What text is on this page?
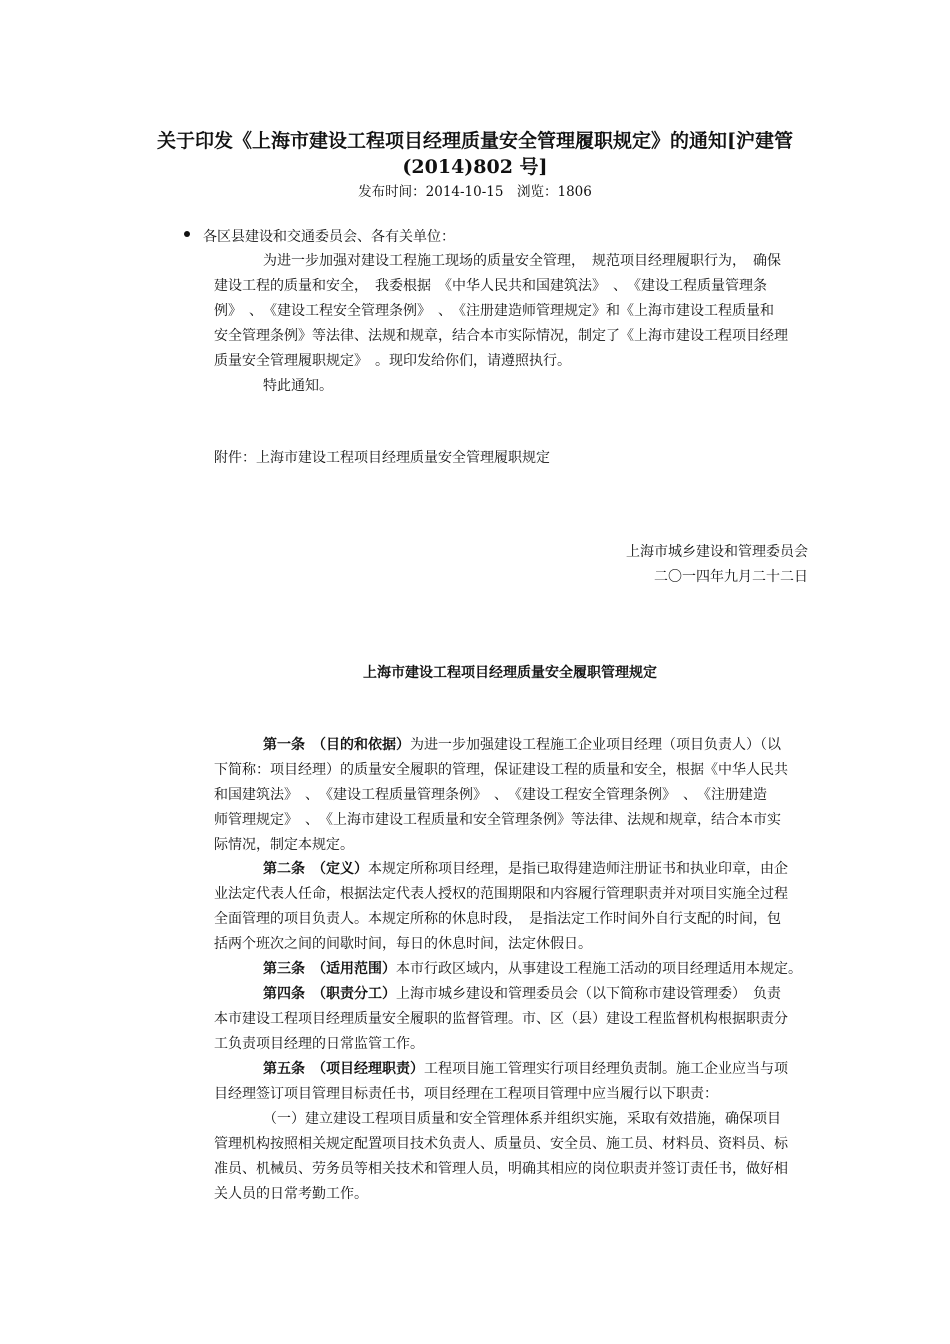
关于印发《上海市建设工程项目经理质量安全管理履职规定》的通知[沪建管
(2014)802 号]
发布时间：2014-10-15　浏览：1806
各区县建设和交通委员会、各有关单位：
为进一步加强对建设工程施工现场的质量安全管理，　规范项目经理履职行为，　确保
建设工程的质量和安全，　我委根据　《中华人民共和国建筑法》　、　《建设工程质量管理条
例》　、　《建设工程安全管理条例》　、　《注册建造师管理规定》和《上海市建设工程质量和
安全管理条例》等法律、法规和规章，结合本市实际情况，制定了《上海市建设工程项目经理
质量安全管理履职规定》　。现印发给你们，请遵照执行。
特此通知。
附件：上海市建设工程项目经理质量安全管理履职规定
上海市城乡建设和管理委员会
二〇一四年九月二十二日
上海市建设工程项目经理质量安全履职管理规定
第一条　（目的和依据）为进一步加强建设工程施工企业项目经理（项目负责人）（以
下简称：项目经理）的质量安全履职的管理，保证建设工程的质量和安全，根据《中华人民共
和国建筑法》　、　《建设工程质量管理条例》　、　《建设工程安全管理条例》　、　《注册建造
师管理规定》　、　《上海市建设工程质量和安全管理条例》等法律、法规和规章，结合本市实
际情况，制定本规定。
第二条　（定义）本规定所称项目经理，是指已取得建造师注册证书和执业印章，由企
业法定代表人任命，根据法定代表人授权的范围期限和内容履行管理职责并对项目实施全过程
全面管理的项目负责人。本规定所称的休息时段，　是指法定工作时间外自行支配的时间，包
括两个班次之间的间歇时间，每日的休息时间，法定休假日。
第三条　（适用范围）本市行政区域内，从事建设工程施工活动的项目经理适用本规定。
第四条　（职责分工）上海市城乡建设和管理委员会（以下简称市建设管理委）　负责
本市建设工程项目经理质量安全履职的监督管理。市、区（县）建设工程监督机构根据职责分
工负责项目经理的日常监管工作。
第五条　（项目经理职责）工程项目施工管理实行项目经理负责制。施工企业应当与项
目经理签订项目管理目标责任书，项目经理在工程项目管理中应当履行以下职责：
（一）建立建设工程项目质量和安全管理体系并组织实施，采取有效措施，确保项目
管理机构按照相关规定配置项目技术负责人、质量员、安全员、施工员、材料员、资料员、标
准员、机械员、劳务员等相关技术和管理人员，明确其相应的岗位职责并签订责任书，做好相
关人员的日常考勤工作。
